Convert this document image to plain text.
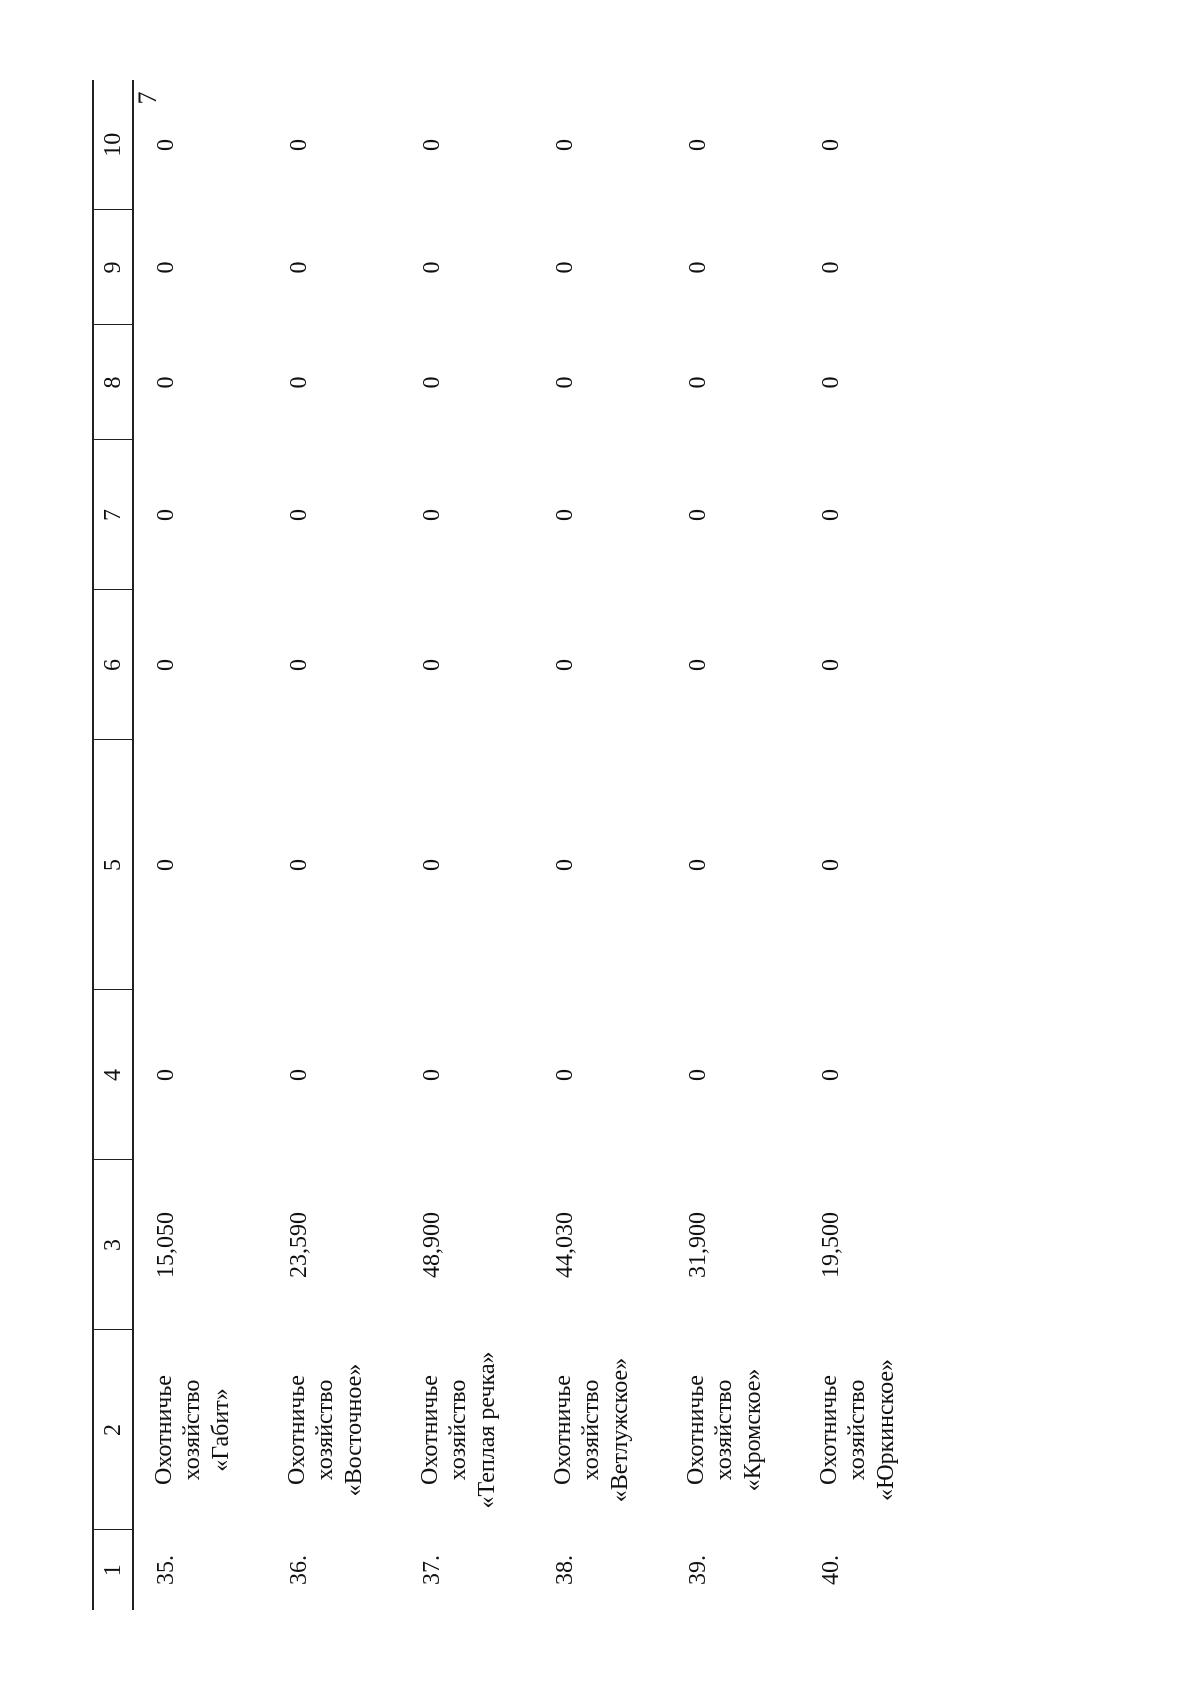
7
1	2	3	4	5	6	7	8	9	10
35.	Охотничье хозяйство «Габит»	15,050	0	0	0	0	0	0	0
36.	Охотничье хозяйство «Восточное»	23,590	0	0	0	0	0	0	0
37.	Охотничье хозяйство «Теплая речка»	48,900	0	0	0	0	0	0	0
38.	Охотничье хозяйство «Ветлужское»	44,030	0	0	0	0	0	0	0
39.	Охотничье хозяйство «Кромское»	31,900	0	0	0	0	0	0	0
40.	Охотничье хозяйство «Юркинское»	19,500	0	0	0	0	0	0	0
